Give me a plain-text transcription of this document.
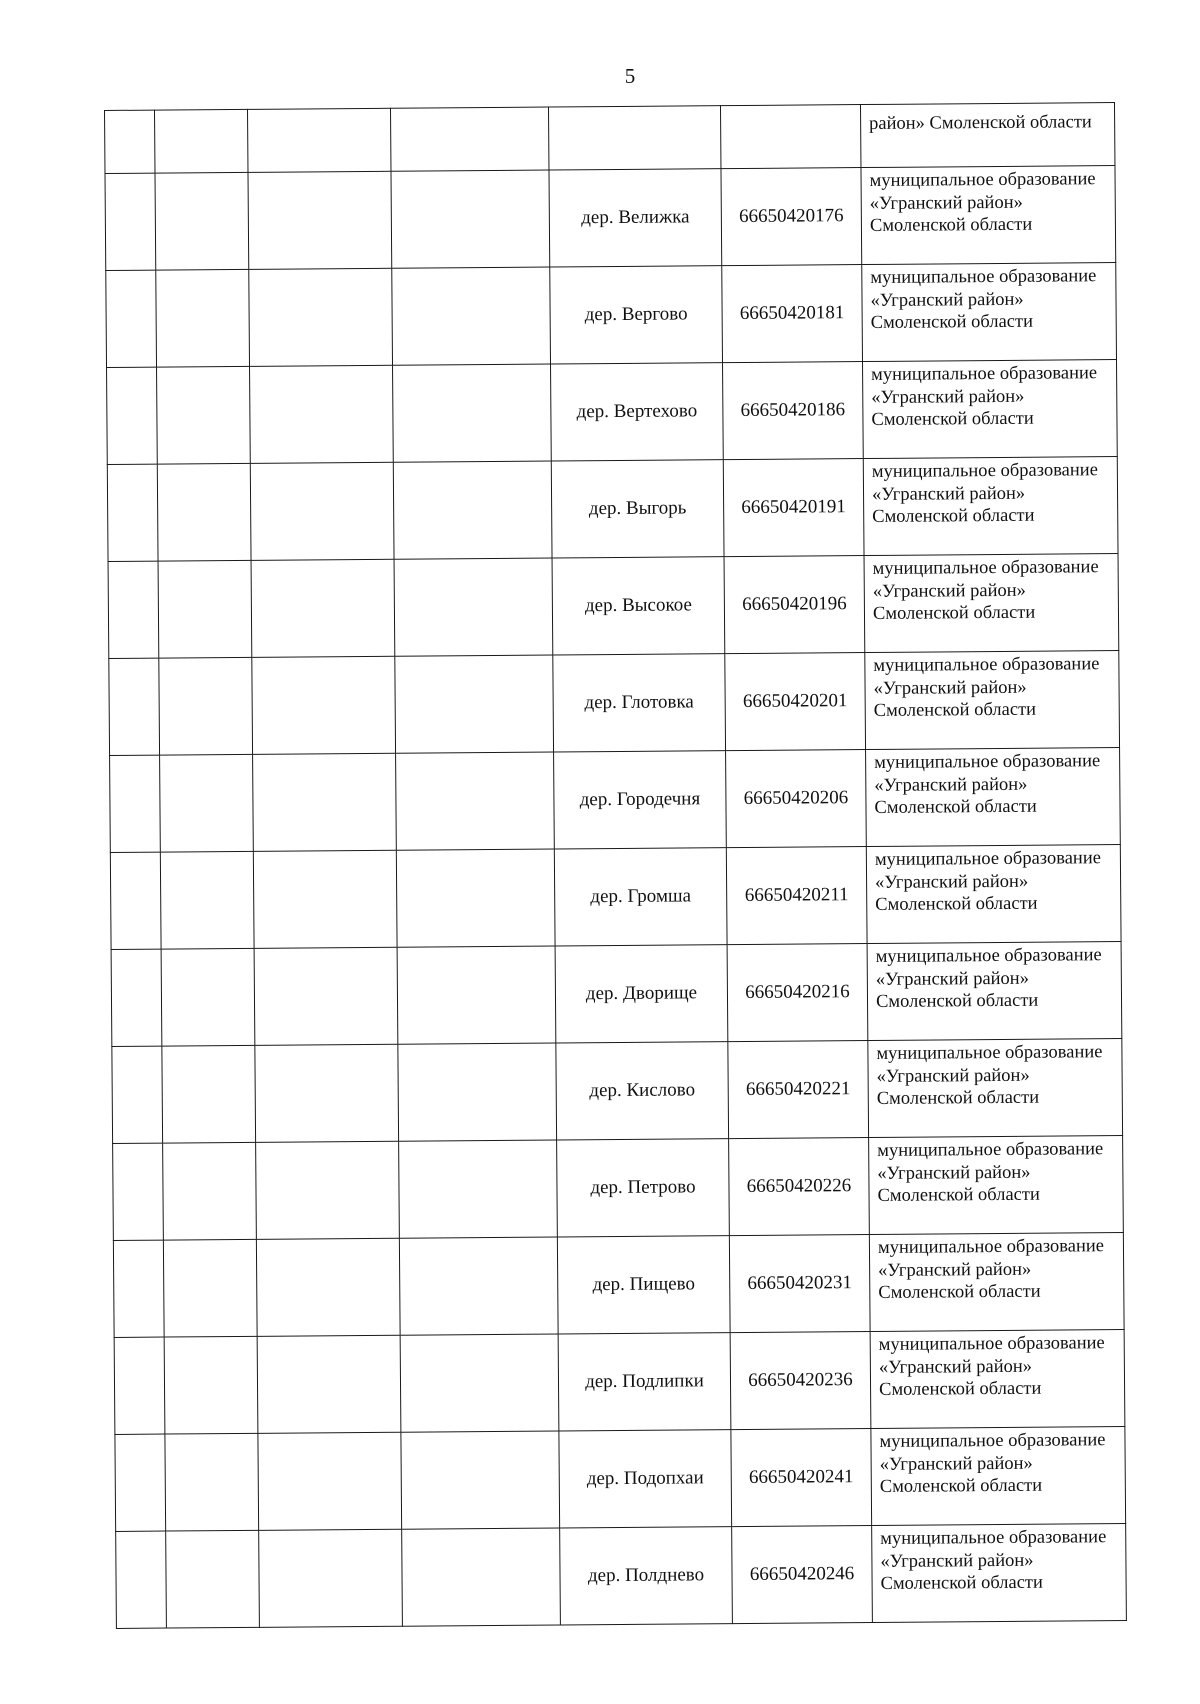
5
						район» Смоленской области
				дер. Велижка	66650420176	муниципальное образование «Угранский район» Смоленской области
				дер. Вергово	66650420181	муниципальное образование «Угранский район» Смоленской области
				дер. Вертехово	66650420186	муниципальное образование «Угранский район» Смоленской области
				дер. Выгорь	66650420191	муниципальное образование «Угранский район» Смоленской области
				дер. Высокое	66650420196	муниципальное образование «Угранский район» Смоленской области
				дер. Глотовка	66650420201	муниципальное образование «Угранский район» Смоленской области
				дер. Городечня	66650420206	муниципальное образование «Угранский район» Смоленской области
				дер. Громша	66650420211	муниципальное образование «Угранский район» Смоленской области
				дер. Дворище	66650420216	муниципальное образование «Угранский район» Смоленской области
				дер. Кислово	66650420221	муниципальное образование «Угранский район» Смоленской области
				дер. Петрово	66650420226	муниципальное образование «Угранский район» Смоленской области
				дер. Пищево	66650420231	муниципальное образование «Угранский район» Смоленской области
				дер. Подлипки	66650420236	муниципальное образование «Угранский район» Смоленской области
				дер. Подопхаи	66650420241	муниципальное образование «Угранский район» Смоленской области
				дер. Полднево	66650420246	муниципальное образование «Угранский район» Смоленской области
